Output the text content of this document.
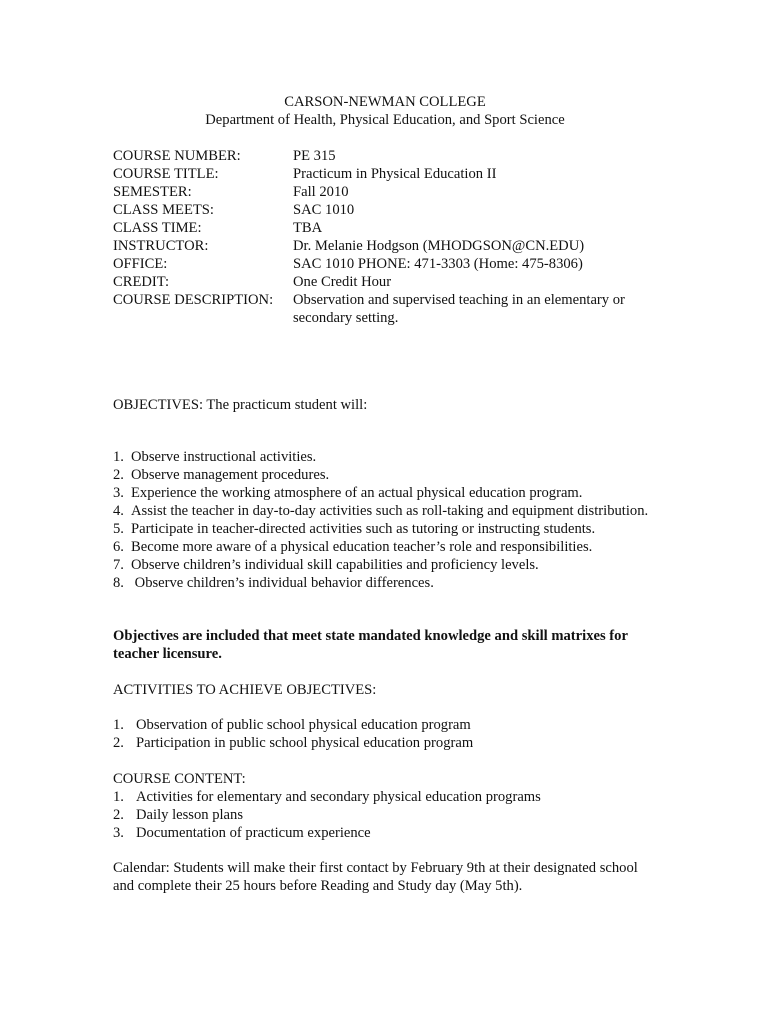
CARSON-NEWMAN COLLEGE
Department of Health, Physical Education, and Sport Science
COURSE NUMBER:	PE 315
COURSE TITLE:	Practicum in Physical Education II
SEMESTER:	Fall 2010
CLASS MEETS:	SAC 1010
CLASS TIME:	TBA
INSTRUCTOR:	Dr. Melanie Hodgson (MHODGSON@CN.EDU)
OFFICE:	SAC 1010 PHONE: 471-3303 (Home: 475-8306)
CREDIT:	One Credit Hour
COURSE DESCRIPTION:	Observation and supervised teaching in an elementary or secondary setting.
OBJECTIVES: The practicum student will:
1. Observe instructional activities.
2. Observe management procedures.
3. Experience the working atmosphere of an actual physical education program.
4. Assist the teacher in day-to-day activities such as roll-taking and equipment distribution.
5. Participate in teacher-directed activities such as tutoring or instructing students.
6. Become more aware of a physical education teacher’s role and responsibilities.
7. Observe children’s individual skill capabilities and proficiency levels.
8. Observe children’s individual behavior differences.
Objectives are included that meet state mandated knowledge and skill matrixes for teacher licensure.
ACTIVITIES TO ACHIEVE OBJECTIVES:
1. Observation of public school physical education program
2. Participation in public school physical education program
COURSE CONTENT:
1. Activities for elementary and secondary physical education programs
2. Daily lesson plans
3. Documentation of practicum experience
Calendar: Students will make their first contact by February 9th at their designated school and complete their 25 hours before Reading and Study day (May 5th).
